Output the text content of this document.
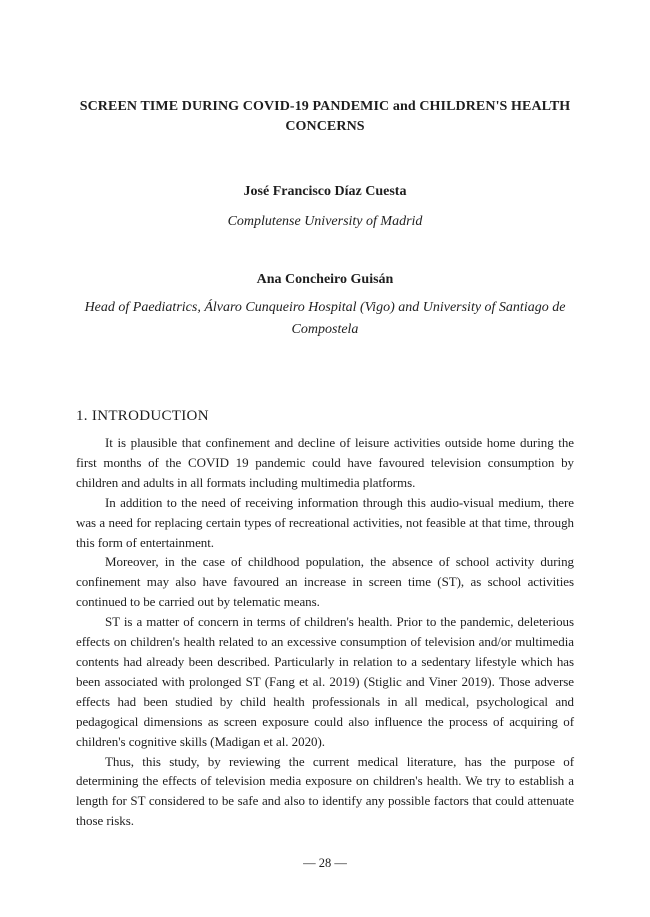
SCREEN TIME DURING COVID-19 PANDEMIC and CHILDREN'S HEALTH CONCERNS
José Francisco Díaz Cuesta
Complutense University of Madrid
Ana Concheiro Guisán
Head of Paediatrics, Álvaro Cunqueiro Hospital (Vigo) and University of Santiago de Compostela
1. INTRODUCTION

It is plausible that confinement and decline of leisure activities outside home during the first months of the COVID 19 pandemic could have favoured television consumption by children and adults in all formats including multimedia platforms.

In addition to the need of receiving information through this audio-visual medium, there was a need for replacing certain types of recreational activities, not feasible at that time, through this form of entertainment.

Moreover, in the case of childhood population, the absence of school activity during confinement may also have favoured an increase in screen time (ST), as school activities continued to be carried out by telematic means.

ST is a matter of concern in terms of children's health. Prior to the pandemic, deleterious effects on children's health related to an excessive consumption of television and/or multimedia contents had already been described. Particularly in relation to a sedentary lifestyle which has been associated with prolonged ST (Fang et al. 2019) (Stiglic and Viner 2019). Those adverse effects had been studied by child health professionals in all medical, psychological and pedagogical dimensions as screen exposure could also influence the process of acquiring of children's cognitive skills (Madigan et al. 2020).

Thus, this study, by reviewing the current medical literature, has the purpose of determining the effects of television media exposure on children's health. We try to establish a length for ST considered to be safe and also to identify any possible factors that could attenuate those risks.

— 28 —
